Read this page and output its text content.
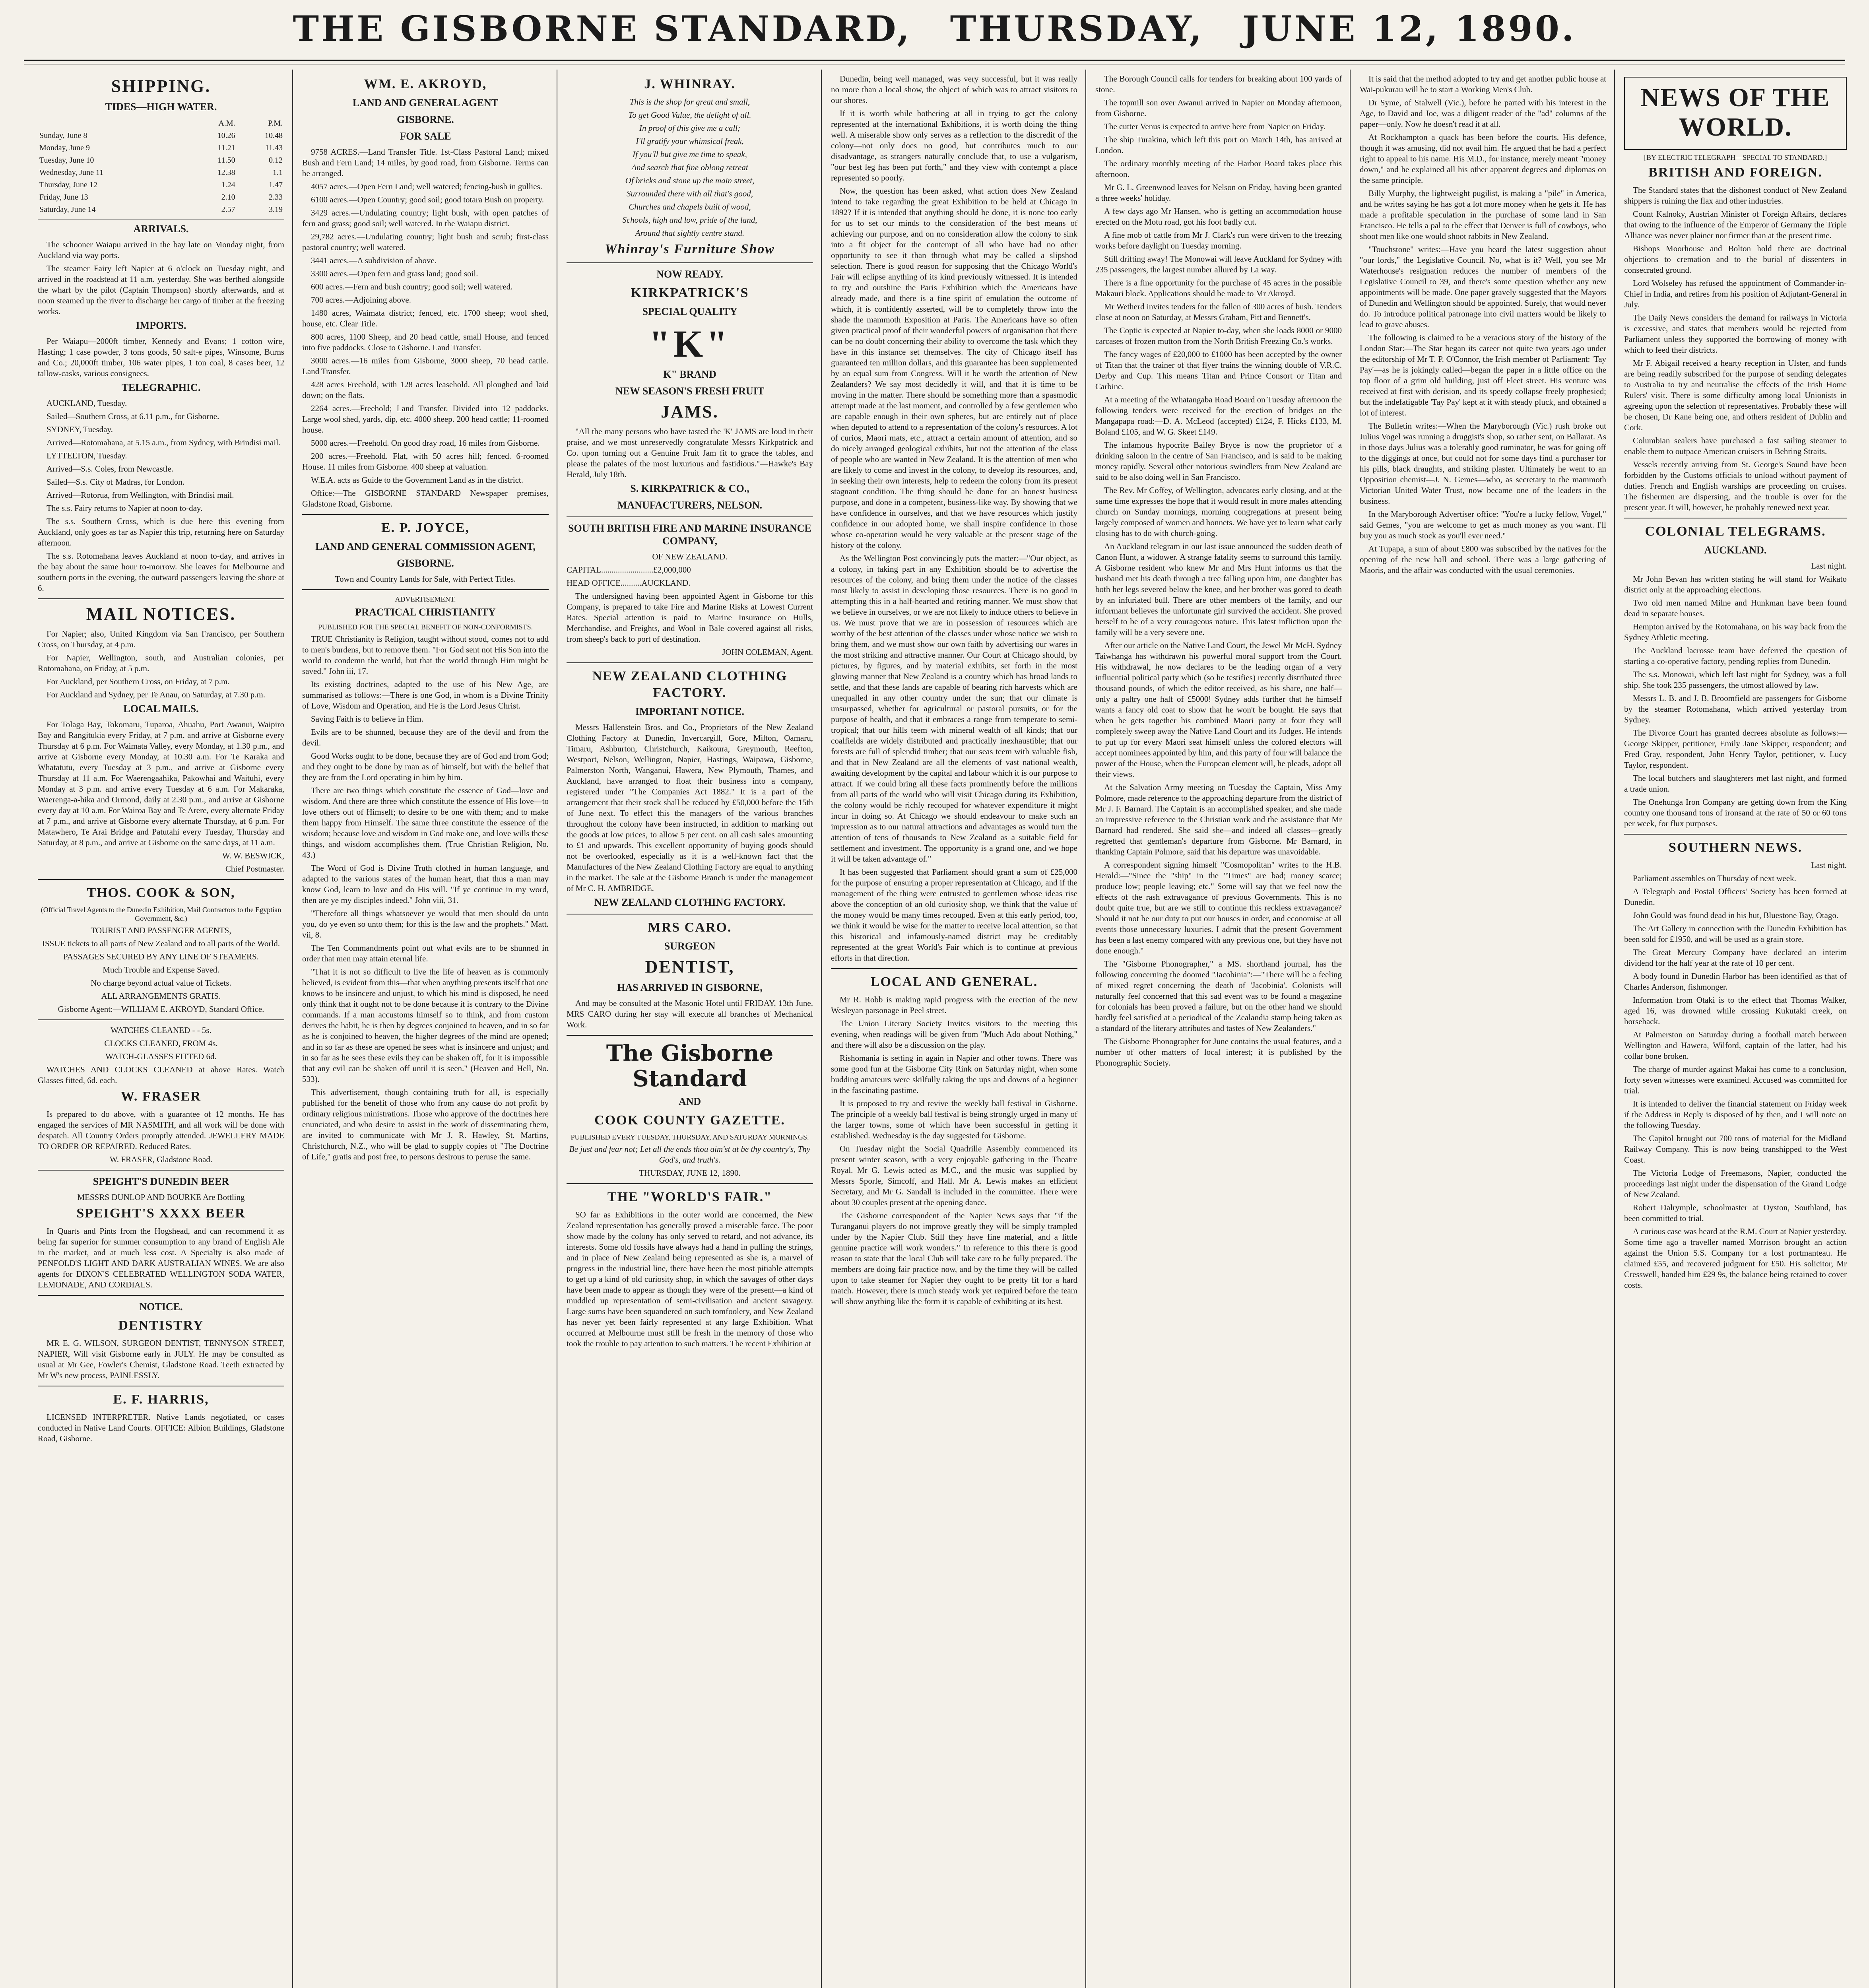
THE GISBORNE STANDARD, THURSDAY, JUNE 12, 1890.
SHIPPING.
TIDES—HIGH WATER.
	A.M.	P.M.
Sunday, June 8	10.26	10.48
Monday, June 9	11.21	11.43
Tuesday, June 10	11.50	0.12
Wednesday, June 11	12.38	1.1
Thursday, June 12	1.24	1.47
Friday, June 13	2.10	2.33
Saturday, June 14	2.57	3.19
ARRIVALS.

The schooner Waiapu arrived in the bay late on Monday night, from Auckland via way ports.

The steamer Fairy left Napier at 6 o'clock on Tuesday night, and arrived in the roadstead at 11 a.m. yesterday. She was berthed alongside the wharf by the pilot (Captain Thompson) shortly afterwards, and at noon steamed up the river to discharge her cargo of timber at the freezing works.

IMPORTS.

Per Waiapu—2000ft timber, Kennedy and Evans; 1 cotton wire, Hasting; 1 case powder, 3 tons goods, 50 salt-e pipes, Winsome, Burns and Co.; 20,000ft timber, 106 water pipes, 1 ton coal, 8 cases beer, 12 tallow-casks, various consignees.

TELEGRAPHIC.

AUCKLAND, Tuesday.

Sailed—Southern Cross, at 6.11 p.m., for Gisborne.

SYDNEY, Tuesday.

Arrived—Rotomahana, at 5.15 a.m., from Sydney, with Brindisi mail.

LYTTELTON, Tuesday.

Arrived—S.s. Coles, from Newcastle.

Sailed—S.s. City of Madras, for London.

Arrived—Rotorua, from Wellington, with Brindisi mail.

The s.s. Fairy returns to Napier at noon to-day.

The s.s. Southern Cross, which is due here this evening from Auckland, only goes as far as Napier this trip, returning here on Saturday afternoon.

The s.s. Rotomahana leaves Auckland at noon to-day, and arrives in the bay about the same hour to-morrow. She leaves for Melbourne and southern ports in the evening, the outward passengers leaving the shore at 6.

MAIL NOTICES.

For Napier; also, United Kingdom via San Francisco, per Southern Cross, on Thursday, at 4 p.m.

For Napier, Wellington, south, and Australian colonies, per Rotomahana, on Friday, at 5 p.m.

For Auckland, per Southern Cross, on Friday, at 7 p.m.

For Auckland and Sydney, per Te Anau, on Saturday, at 7.30 p.m.

LOCAL MAILS.

For Tolaga Bay, Tokomaru, Tuparoa, Ahuahu, Port Awanui, Waipiro Bay and Rangitukia every Friday, at 7 p.m. and arrive at Gisborne every Thursday at 6 p.m. For Waimata Valley, every Monday, at 1.30 p.m., and arrive at Gisborne every Monday, at 10.30 a.m. For Te Karaka and Whatatutu, every Tuesday at 3 p.m., and arrive at Gisborne every Thursday at 11 a.m. For Waerengaahika, Pakowhai and Waituhi, every Monday at 3 p.m. and arrive every Tuesday at 6 a.m. For Makaraka, Waerenga-a-hika and Ormond, daily at 2.30 p.m., and arrive at Gisborne every day at 10 a.m. For Wairoa Bay and Te Arere, every alternate Friday at 7 p.m., and arrive at Gisborne every alternate Thursday, at 6 p.m. For Matawhero, Te Arai Bridge and Patutahi every Tuesday, Thursday and Saturday, at 8 p.m., and arrive at Gisborne on the same days, at 11 a.m.

W. W. BESWICK,

Chief Postmaster.

THOS. COOK & SON,

(Official Travel Agents to the Dunedin Exhibition, Mail Contractors to the Egyptian Government, &c.)

TOURIST AND PASSENGER AGENTS,

ISSUE tickets to all parts of New Zealand and to all parts of the World.

PASSAGES SECURED BY ANY LINE OF STEAMERS.

Much Trouble and Expense Saved.

No charge beyond actual value of Tickets.

ALL ARRANGEMENTS GRATIS.

Gisborne Agent:—WILLIAM E. AKROYD, Standard Office.

WATCHES CLEANED - - 5s.

CLOCKS CLEANED, FROM 4s.

WATCH-GLASSES FITTED 6d.

WATCHES AND CLOCKS CLEANED at above Rates. Watch Glasses fitted, 6d. each.

W. FRASER

Is prepared to do above, with a guarantee of 12 months. He has engaged the services of MR NASMITH, and all work will be done with despatch. All Country Orders promptly attended. JEWELLERY MADE TO ORDER OR REPAIRED. Reduced Rates.

W. FRASER, Gladstone Road.

SPEIGHT'S DUNEDIN BEER

MESSRS DUNLOP AND BOURKE Are Bottling

SPEIGHT'S XXXX BEER

In Quarts and Pints from the Hogshead, and can recommend it as being far superior for summer consumption to any brand of English Ale in the market, and at much less cost. A Specialty is also made of PENFOLD'S LIGHT AND DARK AUSTRALIAN WINES. We are also agents for DIXON'S CELEBRATED WELLINGTON SODA WATER, LEMONADE, AND CORDIALS.

NOTICE.
DENTISTRY

MR E. G. WILSON, SURGEON DENTIST, TENNYSON STREET, NAPIER, Will visit Gisborne early in JULY. He may be consulted as usual at Mr Gee, Fowler's Chemist, Gladstone Road. Teeth extracted by Mr W's new process, PAINLESSLY.

E. F. HARRIS,

LICENSED INTERPRETER. Native Lands negotiated, or cases conducted in Native Land Courts. OFFICE: Albion Buildings, Gladstone Road, Gisborne.

WM. E. AKROYD,
LAND AND GENERAL AGENT
GISBORNE.
FOR SALE

9758 ACRES.—Land Transfer Title. 1st-Class Pastoral Land; mixed Bush and Fern Land; 14 miles, by good road, from Gisborne. Terms can be arranged.

4057 acres.—Open Fern Land; well watered; fencing-bush in gullies.

6100 acres.—Open Country; good soil; good totara Bush on property.

3429 acres.—Undulating country; light bush, with open patches of fern and grass; good soil; well watered. In the Waiapu district.

29,782 acres.—Undulating country; light bush and scrub; first-class pastoral country; well watered.

3441 acres.—A subdivision of above.

3300 acres.—Open fern and grass land; good soil.

600 acres.—Fern and bush country; good soil; well watered.

700 acres.—Adjoining above.

1480 acres, Waimata district; fenced, etc. 1700 sheep; wool shed, house, etc. Clear Title.

800 acres, 1100 Sheep, and 20 head cattle, small House, and fenced into five paddocks. Close to Gisborne. Land Transfer.

3000 acres.—16 miles from Gisborne, 3000 sheep, 70 head cattle. Land Transfer.

428 acres Freehold, with 128 acres leasehold. All ploughed and laid down; on the flats.

2264 acres.—Freehold; Land Transfer. Divided into 12 paddocks. Large wool shed, yards, dip, etc. 4000 sheep. 200 head cattle; 11-roomed house.

5000 acres.—Freehold. On good dray road, 16 miles from Gisborne.

200 acres.—Freehold. Flat, with 50 acres hill; fenced. 6-roomed House. 11 miles from Gisborne. 400 sheep at valuation.

W.E.A. acts as Guide to the Government Land as in the district.

Office:—The GISBORNE STANDARD Newspaper premises, Gladstone Road, Gisborne.

E. P. JOYCE,
LAND AND GENERAL COMMISSION AGENT,
GISBORNE.

Town and Country Lands for Sale, with Perfect Titles.

ADVERTISEMENT.

PRACTICAL CHRISTIANITY

PUBLISHED FOR THE SPECIAL BENEFIT OF NON-CONFORMISTS.

TRUE Christianity is Religion, taught without stood, comes not to add to men's burdens, but to remove them. "For God sent not His Son into the world to condemn the world, but that the world through Him might be saved." John iii, 17.

Its existing doctrines, adapted to the use of his New Age, are summarised as follows:—There is one God, in whom is a Divine Trinity of Love, Wisdom and Operation, and He is the Lord Jesus Christ.

Saving Faith is to believe in Him.

Evils are to be shunned, because they are of the devil and from the devil.

Good Works ought to be done, because they are of God and from God; and they ought to be done by man as of himself, but with the belief that they are from the Lord operating in him by him.

There are two things which constitute the essence of God—love and wisdom. And there are three which constitute the essence of His love—to love others out of Himself; to desire to be one with them; and to make them happy from Himself. The same three constitute the essence of the wisdom; because love and wisdom in God make one, and love wills these things, and wisdom accomplishes them. (True Christian Religion, No. 43.)

The Word of God is Divine Truth clothed in human language, and adapted to the various states of the human heart, that thus a man may know God, learn to love and do His will. "If ye continue in my word, then are ye my disciples indeed." John viii, 31.

"Therefore all things whatsoever ye would that men should do unto you, do ye even so unto them; for this is the law and the prophets." Matt. vii, 8.

The Ten Commandments point out what evils are to be shunned in order that men may attain eternal life.

"That it is not so difficult to live the life of heaven as is commonly believed, is evident from this—that when anything presents itself that one knows to be insincere and unjust, to which his mind is disposed, he need only think that it ought not to be done because it is contrary to the Divine commands. If a man accustoms himself so to think, and from custom derives the habit, he is then by degrees conjoined to heaven, and in so far as he is conjoined to heaven, the higher degrees of the mind are opened; and in so far as these are opened he sees what is insincere and unjust; and in so far as he sees these evils they can be shaken off, for it is impossible that any evil can be shaken off until it is seen." (Heaven and Hell, No. 533).

This advertisement, though containing truth for all, is especially published for the benefit of those who from any cause do not profit by ordinary religious ministrations. Those who approve of the doctrines here enunciated, and who desire to assist in the work of disseminating them, are invited to communicate with Mr J. R. Hawley, St. Martins, Christchurch, N.Z., who will be glad to supply copies of "The Doctrine of Life," gratis and post free, to persons desirous to peruse the same.

J. WHINRAY.

This is the shop for great and small,

To get Good Value, the delight of all.

In proof of this give me a call;

I'll gratify your whimsical freak,

If you'll but give me time to speak,

And search that fine oblong retreat

Of bricks and stone up the main street,

Surrounded there with all that's good,

Churches and chapels built of wood,

Schools, high and low, pride of the land,

Around that sightly centre stand.

Whinray's Furniture Show
NOW READY.
KIRKPATRICK'S
SPECIAL QUALITY
"K"
K" BRAND
NEW SEASON'S FRESH FRUIT
JAMS.

"All the many persons who have tasted the 'K' JAMS are loud in their praise, and we most unreservedly congratulate Messrs Kirkpatrick and Co. upon turning out a Genuine Fruit Jam fit to grace the tables, and please the palates of the most luxurious and fastidious."—Hawke's Bay Herald, July 18th.

S. KIRKPATRICK & CO.,
MANUFACTURERS, NELSON.
SOUTH BRITISH FIRE AND MARINE INSURANCE COMPANY,

OF NEW ZEALAND.

CAPITAL.........................£2,000,000

HEAD OFFICE..........AUCKLAND.

The undersigned having been appointed Agent in Gisborne for this Company, is prepared to take Fire and Marine Risks at Lowest Current Rates. Special attention is paid to Marine Insurance on Hulls, Merchandise, and Freights, and Wool in Bale covered against all risks, from sheep's back to port of destination.

JOHN COLEMAN, Agent.

NEW ZEALAND CLOTHING FACTORY.
IMPORTANT NOTICE.

Messrs Hallenstein Bros. and Co., Proprietors of the New Zealand Clothing Factory at Dunedin, Invercargill, Gore, Milton, Oamaru, Timaru, Ashburton, Christchurch, Kaikoura, Greymouth, Reefton, Westport, Nelson, Wellington, Napier, Hastings, Waipawa, Gisborne, Palmerston North, Wanganui, Hawera, New Plymouth, Thames, and Auckland, have arranged to float their business into a company, registered under "The Companies Act 1882." It is a part of the arrangement that their stock shall be reduced by £50,000 before the 15th of June next. To effect this the managers of the various branches throughout the colony have been instructed, in addition to marking out the goods at low prices, to allow 5 per cent. on all cash sales amounting to £1 and upwards. This excellent opportunity of buying goods should not be overlooked, especially as it is a well-known fact that the Manufactures of the New Zealand Clothing Factory are equal to anything in the market. The sale at the Gisborne Branch is under the management of Mr C. H. AMBRIDGE.

NEW ZEALAND CLOTHING FACTORY.
MRS CARO.
SURGEON
DENTIST,
HAS ARRIVED IN GISBORNE,

And may be consulted at the Masonic Hotel until FRIDAY, 13th June. MRS CARO during her stay will execute all branches of Mechanical Work.

The Gisborne Standard
AND
COOK COUNTY GAZETTE.

PUBLISHED EVERY TUESDAY, THURSDAY, AND SATURDAY MORNINGS.

Be just and fear not; Let all the ends thou aim'st at be thy country's, Thy God's, and truth's.

THURSDAY, JUNE 12, 1890.

THE "WORLD'S FAIR."

SO far as Exhibitions in the outer world are concerned, the New Zealand representation has generally proved a miserable farce. The poor show made by the colony has only served to retard, and not advance, its interests. Some old fossils have always had a hand in pulling the strings, and in place of New Zealand being represented as she is, a marvel of progress in the industrial line, there have been the most pitiable attempts to get up a kind of old curiosity shop, in which the savages of other days have been made to appear as though they were of the present—a kind of muddled up representation of semi-civilisation and ancient savagery. Large sums have been squandered on such tomfoolery, and New Zealand has never yet been fairly represented at any large Exhibition. What occurred at Melbourne must still be fresh in the memory of those who took the trouble to pay attention to such matters. The recent Exhibition at

Dunedin, being well managed, was very successful, but it was really no more than a local show, the object of which was to attract visitors to our shores.

If it is worth while bothering at all in trying to get the colony represented at the international Exhibitions, it is worth doing the thing well. A miserable show only serves as a reflection to the discredit of the colony—not only does no good, but contributes much to our disadvantage, as strangers naturally conclude that, to use a vulgarism, "our best leg has been put forth," and they view with contempt a place represented so poorly.

Now, the question has been asked, what action does New Zealand intend to take regarding the great Exhibition to be held at Chicago in 1892? If it is intended that anything should be done, it is none too early for us to set our minds to the consideration of the best means of achieving our purpose, and on no consideration allow the colony to sink into a fit object for the contempt of all who have had no other opportunity to see it than through what may be called a slipshod selection. There is good reason for supposing that the Chicago World's Fair will eclipse anything of its kind previously witnessed. It is intended to try and outshine the Paris Exhibition which the Americans have already made, and there is a fine spirit of emulation the outcome of which, it is confidently asserted, will be to completely throw into the shade the mammoth Exposition at Paris. The Americans have so often given practical proof of their wonderful powers of organisation that there can be no doubt concerning their ability to overcome the task which they have in this instance set themselves. The city of Chicago itself has guaranteed ten million dollars, and this guarantee has been supplemented by an equal sum from Congress. Will it be worth the attention of New Zealanders? We say most decidedly it will, and that it is time to be moving in the matter. There should be something more than a spasmodic attempt made at the last moment, and controlled by a few gentlemen who are capable enough in their own spheres, but are entirely out of place when deputed to attend to a representation of the colony's resources. A lot of curios, Maori mats, etc., attract a certain amount of attention, and so do nicely arranged geological exhibits, but not the attention of the class of people who are wanted in New Zealand. It is the attention of men who are likely to come and invest in the colony, to develop its resources, and, in seeking their own interests, help to redeem the colony from its present stagnant condition. The thing should be done for an honest business purpose, and done in a competent, business-like way. By showing that we have confidence in ourselves, and that we have resources which justify confidence in our adopted home, we shall inspire confidence in those whose co-operation would be very valuable at the present stage of the history of the colony.

As the Wellington Post convincingly puts the matter:—"Our object, as a colony, in taking part in any Exhibition should be to advertise the resources of the colony, and bring them under the notice of the classes most likely to assist in developing those resources. There is no good in attempting this in a half-hearted and retiring manner. We must show that we believe in ourselves, or we are not likely to induce others to believe in us. We must prove that we are in possession of resources which are worthy of the best attention of the classes under whose notice we wish to bring them, and we must show our own faith by advertising our wares in the most striking and attractive manner. Our Court at Chicago should, by pictures, by figures, and by material exhibits, set forth in the most glowing manner that New Zealand is a country which has broad lands to settle, and that these lands are capable of bearing rich harvests which are unequalled in any other country under the sun; that our climate is unsurpassed, whether for agricultural or pastoral pursuits, or for the purpose of health, and that it embraces a range from temperate to semi-tropical; that our hills teem with mineral wealth of all kinds; that our coalfields are widely distributed and practically inexhaustible; that our forests are full of splendid timber; that our seas teem with valuable fish, and that in New Zealand are all the elements of vast national wealth, awaiting development by the capital and labour which it is our purpose to attract. If we could bring all these facts prominently before the millions from all parts of the world who will visit Chicago during its Exhibition, the colony would be richly recouped for whatever expenditure it might incur in doing so. At Chicago we should endeavour to make such an impression as to our natural attractions and advantages as would turn the attention of tens of thousands to New Zealand as a suitable field for settlement and investment. The opportunity is a grand one, and we hope it will be taken advantage of."

It has been suggested that Parliament should grant a sum of £25,000 for the purpose of ensuring a proper representation at Chicago, and if the management of the thing were entrusted to gentlemen whose ideas rise above the conception of an old curiosity shop, we think that the value of the money would be many times recouped. Even at this early period, too, we think it would be wise for the matter to receive local attention, so that this historical and infamously-named district may be creditably represented at the great World's Fair which is to continue at previous efforts in that direction.

LOCAL AND GENERAL.

Mr R. Robb is making rapid progress with the erection of the new Wesleyan parsonage in Peel street.

The Union Literary Society Invites visitors to the meeting this evening, when readings will be given from "Much Ado about Nothing," and there will also be a discussion on the play.

Rishomania is setting in again in Napier and other towns. There was some good fun at the Gisborne City Rink on Saturday night, when some budding amateurs were skilfully taking the ups and downs of a beginner in the fascinating pastime.

It is proposed to try and revive the weekly ball festival in Gisborne. The principle of a weekly ball festival is being strongly urged in many of the larger towns, some of which have been successful in getting it established. Wednesday is the day suggested for Gisborne.

On Tuesday night the Social Quadrille Assembly commenced its present winter season, with a very enjoyable gathering in the Theatre Royal. Mr G. Lewis acted as M.C., and the music was supplied by Messrs Sporle, Simcoff, and Hall. Mr A. Lewis makes an efficient Secretary, and Mr G. Sandall is included in the committee. There were about 30 couples present at the opening dance.

The Gisborne correspondent of the Napier News says that "if the Turanganui players do not improve greatly they will be simply trampled under by the Napier Club. Still they have fine material, and a little genuine practice will work wonders." In reference to this there is good reason to state that the local Club will take care to be fully prepared. The members are doing fair practice now, and by the time they will be called upon to take steamer for Napier they ought to be pretty fit for a hard match. However, there is much steady work yet required before the team will show anything like the form it is capable of exhibiting at its best.

The Borough Council calls for tenders for breaking about 100 yards of stone.

The topmill son over Awanui arrived in Napier on Monday afternoon, from Gisborne.

The cutter Venus is expected to arrive here from Napier on Friday.

The ship Turakina, which left this port on March 14th, has arrived at London.

The ordinary monthly meeting of the Harbor Board takes place this afternoon.

Mr G. L. Greenwood leaves for Nelson on Friday, having been granted a three weeks' holiday.

A few days ago Mr Hansen, who is getting an accommodation house erected on the Motu road, got his foot badly cut.

A fine mob of cattle from Mr J. Clark's run were driven to the freezing works before daylight on Tuesday morning.

Still drifting away! The Monowai will leave Auckland for Sydney with 235 passengers, the largest number allured by La way.

There is a fine opportunity for the purchase of 45 acres in the possible Makauri block. Applications should be made to Mr Akroyd.

Mr Wetherd invites tenders for the fallen of 300 acres of bush. Tenders close at noon on Saturday, at Messrs Graham, Pitt and Bennett's.

The Coptic is expected at Napier to-day, when she loads 8000 or 9000 carcases of frozen mutton from the North British Freezing Co.'s works.

The fancy wages of £20,000 to £1000 has been accepted by the owner of Titan that the trainer of that flyer trains the winning double of V.R.C. Derby and Cup. This means Titan and Prince Consort or Titan and Carbine.

At a meeting of the Whatangaba Road Board on Tuesday afternoon the following tenders were received for the erection of bridges on the Mangapapa road:—D. A. McLeod (accepted) £124, F. Hicks £133, M. Boland £105, and W. G. Skeet £149.

The infamous hypocrite Bailey Bryce is now the proprietor of a drinking saloon in the centre of San Francisco, and is said to be making money rapidly. Several other notorious swindlers from New Zealand are said to be also doing well in San Francisco.

The Rev. Mr Coffey, of Wellington, advocates early closing, and at the same time expresses the hope that it would result in more males attending church on Sunday mornings, morning congregations at present being largely composed of women and bonnets. We have yet to learn what early closing has to do with church-going.

An Auckland telegram in our last issue announced the sudden death of Canon Hunt, a widower. A strange fatality seems to surround this family. A Gisborne resident who knew Mr and Mrs Hunt informs us that the husband met his death through a tree falling upon him, one daughter has both her legs severed below the knee, and her brother was gored to death by an infuriated bull. There are other members of the family, and our informant believes the unfortunate girl survived the accident. She proved herself to be of a very courageous nature. This latest infliction upon the family will be a very severe one.

After our article on the Native Land Court, the Jewel Mr McH. Sydney Taiwhanga has withdrawn his powerful moral support from the Court. His withdrawal, he now declares to be the leading organ of a very influential political party which (so he testifies) recently distributed three thousand pounds, of which the editor received, as his share, one half—only a paltry one half of £5000! Sydney adds further that he himself wants a fancy old coat to show that he won't be bought. He says that when he gets together his combined Maori party at four they will completely sweep away the Native Land Court and its Judges. He intends to put up for every Maori seat himself unless the colored electors will accept nominees appointed by him, and this party of four will balance the power of the House, when the European element will, he pleads, adopt all their views.

At the Salvation Army meeting on Tuesday the Captain, Miss Amy Polmore, made reference to the approaching departure from the district of Mr J. F. Barnard. The Captain is an accomplished speaker, and she made an impressive reference to the Christian work and the assistance that Mr Barnard had rendered. She said she—and indeed all classes—greatly regretted that gentleman's departure from Gisborne. Mr Barnard, in thanking Captain Polmore, said that his departure was unavoidable.

A correspondent signing himself "Cosmopolitan" writes to the H.B. Herald:—"Since the "ship" in the "Times" are bad; money scarce; produce low; people leaving; etc." Some will say that we feel now the effects of the rash extravagance of previous Governments. This is no doubt quite true, but are we still to continue this reckless extravagance? Should it not be our duty to put our houses in order, and economise at all events those unnecessary luxuries. I admit that the present Government has been a last enemy compared with any previous one, but they have not done enough."

The "Gisborne Phonographer," a MS. shorthand journal, has the following concerning the doomed "Jacobinia":—"There will be a feeling of mixed regret concerning the death of 'Jacobinia'. Colonists will naturally feel concerned that this sad event was to be found a magazine for colonials has been proved a failure, but on the other hand we should hardly feel satisfied at a periodical of the Zealandia stamp being taken as a standard of the literary attributes and tastes of New Zealanders."

The Gisborne Phonographer for June contains the usual features, and a number of other matters of local interest; it is published by the Phonographic Society.

It is said that the method adopted to try and get another public house at Wai-pukurau will be to start a Working Men's Club.

Dr Syme, of Stalwell (Vic.), before he parted with his interest in the Age, to David and Joe, was a diligent reader of the "ad" columns of the paper—only. Now he doesn't read it at all.

At Rockhampton a quack has been before the courts. His defence, though it was amusing, did not avail him. He argued that he had a perfect right to appeal to his name. His M.D., for instance, merely meant "money down," and he explained all his other apparent degrees and diplomas on the same principle.

Billy Murphy, the lightweight pugilist, is making a "pile" in America, and he writes saying he has got a lot more money when he gets it. He has made a profitable speculation in the purchase of some land in San Francisco. He tells a pal to the effect that Denver is full of cowboys, who shoot men like one would shoot rabbits in New Zealand.

"Touchstone" writes:—Have you heard the latest suggestion about "our lords," the Legislative Council. No, what is it? Well, you see Mr Waterhouse's resignation reduces the number of members of the Legislative Council to 39, and there's some question whether any new appointments will be made. One paper gravely suggested that the Mayors of Dunedin and Wellington should be appointed. Surely, that would never do. To introduce political patronage into civil matters would be likely to lead to grave abuses.

The following is claimed to be a veracious story of the history of the London Star:—The Star began its career not quite two years ago under the editorship of Mr T. P. O'Connor, the Irish member of Parliament: 'Tay Pay'—as he is jokingly called—began the paper in a little office on the top floor of a grim old building, just off Fleet street. His venture was received at first with derision, and its speedy collapse freely prophesied; but the indefatigable 'Tay Pay' kept at it with steady pluck, and obtained a lot of interest.

The Bulletin writes:—When the Maryborough (Vic.) rush broke out Julius Vogel was running a druggist's shop, so rather sent, on Ballarat. As in those days Julius was a tolerably good ruminator, he was for going off to the diggings at once, but could not for some days find a purchaser for his pills, black draughts, and striking plaster. Ultimately he went to an Opposition chemist—J. N. Gemes—who, as secretary to the mammoth Victorian United Water Trust, now became one of the leaders in the business.

In the Maryborough Advertiser office: "You're a lucky fellow, Vogel," said Gemes, "you are welcome to get as much money as you want. I'll buy you as much stock as you'll ever need."

At Tupapa, a sum of about £800 was subscribed by the natives for the opening of the new hall and school. There was a large gathering of Maoris, and the affair was conducted with the usual ceremonies.

NEWS OF THE WORLD.

[BY ELECTRIC TELEGRAPH—SPECIAL TO STANDARD.]

BRITISH AND FOREIGN.

The Standard states that the dishonest conduct of New Zealand shippers is ruining the flax and other industries.

Count Kalnoky, Austrian Minister of Foreign Affairs, declares that owing to the influence of the Emperor of Germany the Triple Alliance was never plainer nor firmer than at the present time.

Bishops Moorhouse and Bolton hold there are doctrinal objections to cremation and to the burial of dissenters in consecrated ground.

Lord Wolseley has refused the appointment of Commander-in-Chief in India, and retires from his position of Adjutant-General in July.

The Daily News considers the demand for railways in Victoria is excessive, and states that members would be rejected from Parliament unless they supported the borrowing of money with which to feed their districts.

Mr F. Abigail received a hearty reception in Ulster, and funds are being readily subscribed for the purpose of sending delegates to Australia to try and neutralise the effects of the Irish Home Rulers' visit. There is some difficulty among local Unionists in agreeing upon the selection of representatives. Probably these will be chosen, Dr Kane being one, and others resident of Dublin and Cork.

Columbian sealers have purchased a fast sailing steamer to enable them to outpace American cruisers in Behring Straits.

Vessels recently arriving from St. George's Sound have been forbidden by the Customs officials to unload without payment of duties. French and English warships are proceeding on cruises. The fishermen are dispersing, and the trouble is over for the present year. It will, however, be probably renewed next year.

COLONIAL TELEGRAMS.
AUCKLAND.

Last night.

Mr John Bevan has written stating he will stand for Waikato district only at the approaching elections.

Two old men named Milne and Hunkman have been found dead in separate houses.

Hempton arrived by the Rotomahana, on his way back from the Sydney Athletic meeting.

The Auckland lacrosse team have deferred the question of starting a co-operative factory, pending replies from Dunedin.

The s.s. Monowai, which left last night for Sydney, was a full ship. She took 235 passengers, the utmost allowed by law.

Messrs L. B. and J. B. Broomfield are passengers for Gisborne by the steamer Rotomahana, which arrived yesterday from Sydney.

The Divorce Court has granted decrees absolute as follows:—George Skipper, petitioner, Emily Jane Skipper, respondent; and Fred Gray, respondent, John Henry Taylor, petitioner, v. Lucy Taylor, respondent.

The local butchers and slaughterers met last night, and formed a trade union.

The Onehunga Iron Company are getting down from the King country one thousand tons of ironsand at the rate of 50 or 60 tons per week, for flux purposes.

SOUTHERN NEWS.

Last night.

Parliament assembles on Thursday of next week.

A Telegraph and Postal Officers' Society has been formed at Dunedin.

John Gould was found dead in his hut, Bluestone Bay, Otago.

The Art Gallery in connection with the Dunedin Exhibition has been sold for £1950, and will be used as a grain store.

The Great Mercury Company have declared an interim dividend for the half year at the rate of 10 per cent.

A body found in Dunedin Harbor has been identified as that of Charles Anderson, fishmonger.

Information from Otaki is to the effect that Thomas Walker, aged 16, was drowned while crossing Kukutaki creek, on horseback.

At Palmerston on Saturday during a football match between Wellington and Hawera, Wilford, captain of the latter, had his collar bone broken.

The charge of murder against Makai has come to a conclusion, forty seven witnesses were examined. Accused was committed for trial.

It is intended to deliver the financial statement on Friday week if the Address in Reply is disposed of by then, and I will note on the following Tuesday.

The Capitol brought out 700 tons of material for the Midland Railway Company. This is now being transhipped to the West Coast.

The Victoria Lodge of Freemasons, Napier, conducted the proceedings last night under the dispensation of the Grand Lodge of New Zealand.

Robert Dalrymple, schoolmaster at Oyston, Southland, has been committed to trial.

A curious case was heard at the R.M. Court at Napier yesterday. Some time ago a traveller named Morrison brought an action against the Union S.S. Company for a lost portmanteau. He claimed £55, and recovered judgment for £50. His solicitor, Mr Cresswell, handed him £29 9s, the balance being retained to cover costs.
